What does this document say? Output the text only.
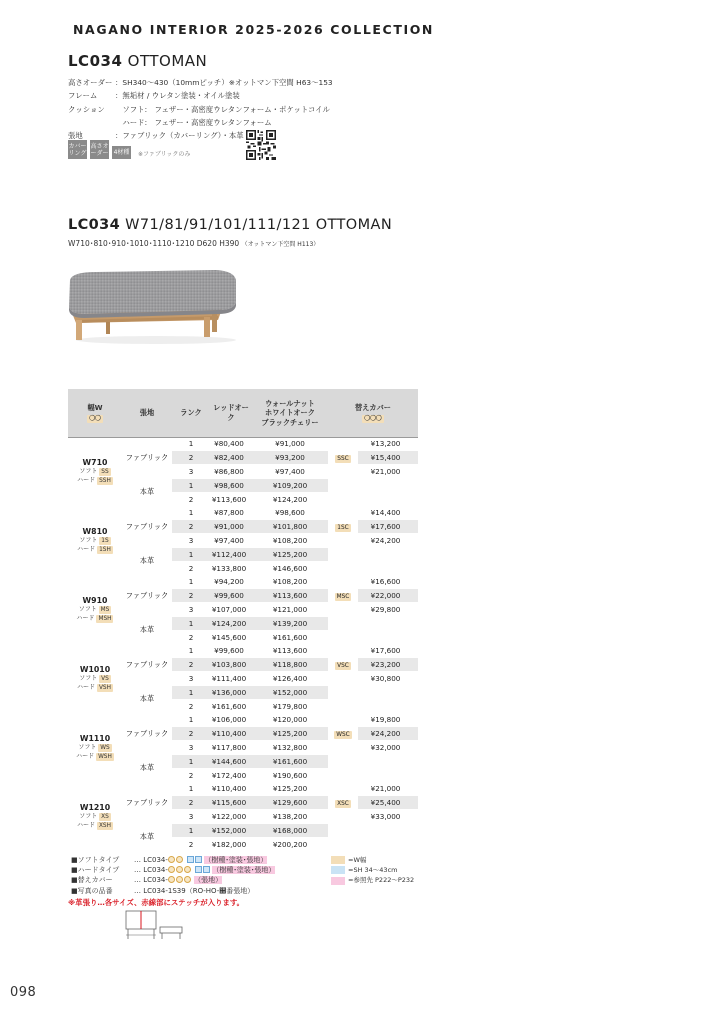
NAGANO INTERIOR 2025-2026 COLLECTION
LC034 OTTOMAN
高さオーダー ：SH340～430（10mmピッチ）※オットマン下空間 H63～153
フレーム	：無垢材 / ウレタン塗装・オイル塗装
クッション	　ソフト:　フェザー・高密度ウレタンフォーム・ポケットコイル
　ハード:　フェザー・高密度ウレタンフォーム
張地	：ファブリック（カバーリング）・本革
カバーリング
高さオーダー 4材種 ※ファブリックのみ
LC034 W71/81/91/101/111/121 OTTOMAN
W710･810･910･1010･1110･1210 D620 H390 （オットマン下空間 H113）
幅W
〇〇	張地	ランク	レッドオーク	ウォールナット
ホワイトオーク
ブラックチェリー	替えカバー
〇〇〇	

W710
ソフト SS
ハード SSH	ファブリック	1	¥80,400	¥91,000	SSC	¥13,200
		2	¥82,400	¥93,200		¥15,400
		3	¥86,800	¥97,400		¥21,000
	本革	1	¥98,600	¥109,200		
		2	¥113,600	¥124,200		

W810
ソフト 1S
ハード 1SH	ファブリック	1	¥87,800	¥98,600	1SC	¥14,400
		2	¥91,000	¥101,800		¥17,600
		3	¥97,400	¥108,200		¥24,200
	本革	1	¥112,400	¥125,200		
		2	¥133,800	¥146,600		

W910
ソフト MS
ハード MSH	ファブリック	1	¥94,200	¥108,200	MSC	¥16,600
		2	¥99,600	¥113,600		¥22,000
		3	¥107,000	¥121,000		¥29,800
	本革	1	¥124,200	¥139,200		
		2	¥145,600	¥161,600		

W1010
ソフト VS
ハード VSH	ファブリック	1	¥99,600	¥113,600	VSC	¥17,600
		2	¥103,800	¥118,800		¥23,200
		3	¥111,400	¥126,400		¥30,800
	本革	1	¥136,000	¥152,000		
		2	¥161,600	¥179,800		

W1110
ソフト WS
ハード WSH	ファブリック	1	¥106,000	¥120,000	WSC	¥19,800
		2	¥110,400	¥125,200		¥24,200
		3	¥117,800	¥132,800		¥32,000
	本革	1	¥144,600	¥161,600		
		2	¥172,400	¥190,600		

W1210
ソフト XS
ハード XSH	ファブリック	1	¥110,400	¥125,200	XSC	¥21,000
		2	¥115,600	¥129,600		¥25,400
		3	¥122,000	¥138,200		¥33,000
	本革	1	¥152,000	¥168,000		
		2	¥182,000	¥200,200		
■ソフトタイプ	… LC034-	（樹種･塗装･張地）
■ハードタイプ	… LC034-	（樹種･塗装･張地）
■替えカバー	… LC034-	（張地）
■写真の品番	… LC034-1S39（RO-HO-඀番張地）
=W幅
=SH 34～43cm
=参照先 P222～P232
※革張り…各サイズ、赤線部にステッチが入ります。
098
